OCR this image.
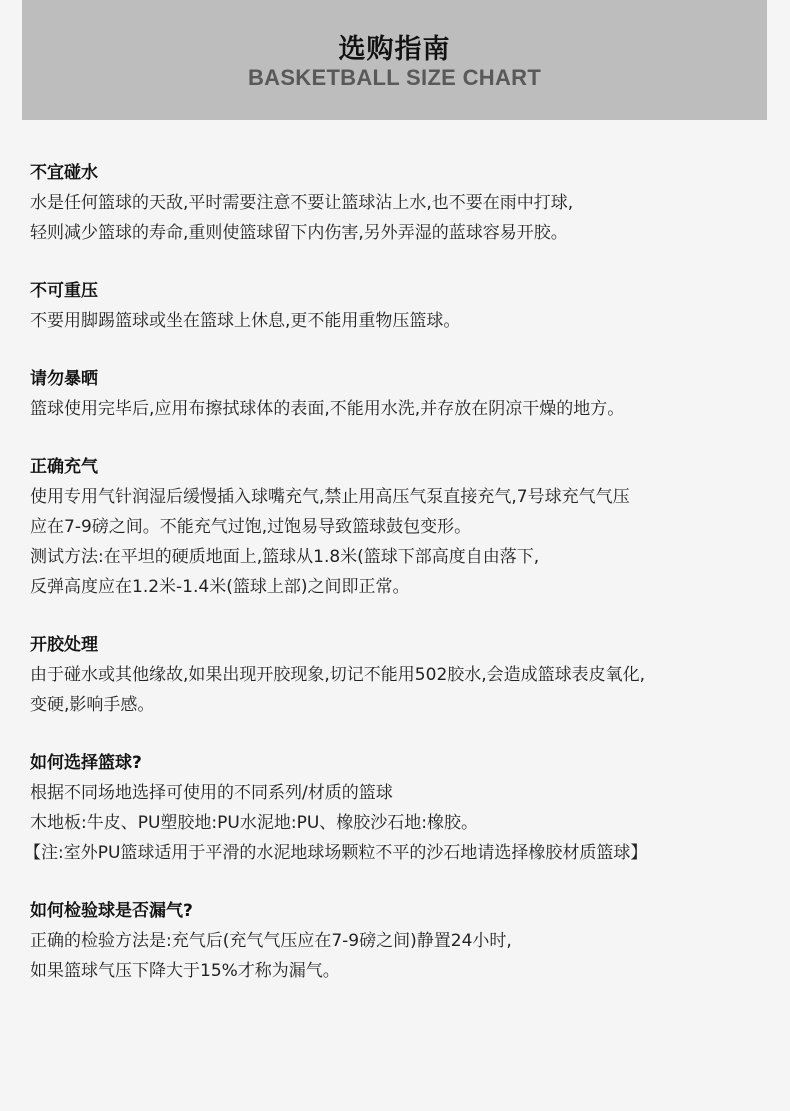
选购指南
BASKETBALL SIZE CHART
不宜碰水
水是任何篮球的天敌,平时需要注意不要让篮球沾上水,也不要在雨中打球,
轻则减少篮球的寿命,重则使篮球留下内伤害,另外弄湿的蓝球容易开胶。
不可重压
不要用脚踢篮球或坐在篮球上休息,更不能用重物压篮球。
请勿暴晒
篮球使用完毕后,应用布擦拭球体的表面,不能用水洗,并存放在阴凉干燥的地方。
正确充气
使用专用气针润湿后缓慢插入球嘴充气,禁止用高压气泵直接充气,7号球充气气压
应在7-9磅之间。不能充气过饱,过饱易导致篮球鼓包变形。
测试方法:在平坦的硬质地面上,篮球从1.8米(篮球下部高度自由落下,
反弹高度应在1.2米-1.4米(篮球上部)之间即正常。
开胶处理
由于碰水或其他缘故,如果出现开胶现象,切记不能用502胶水,会造成篮球表皮氧化,
变硬,影响手感。
如何选择篮球?
根据不同场地选择可使用的不同系列/材质的篮球
木地板:牛皮、PU塑胶地:PU水泥地:PU、橡胶沙石地:橡胶。
【注:室外PU篮球适用于平滑的水泥地球场颗粒不平的沙石地请选择橡胶材质篮球】
如何检验球是否漏气?
正确的检验方法是:充气后(充气气压应在7-9磅之间)静置24小时,
如果篮球气压下降大于15%才称为漏气。
